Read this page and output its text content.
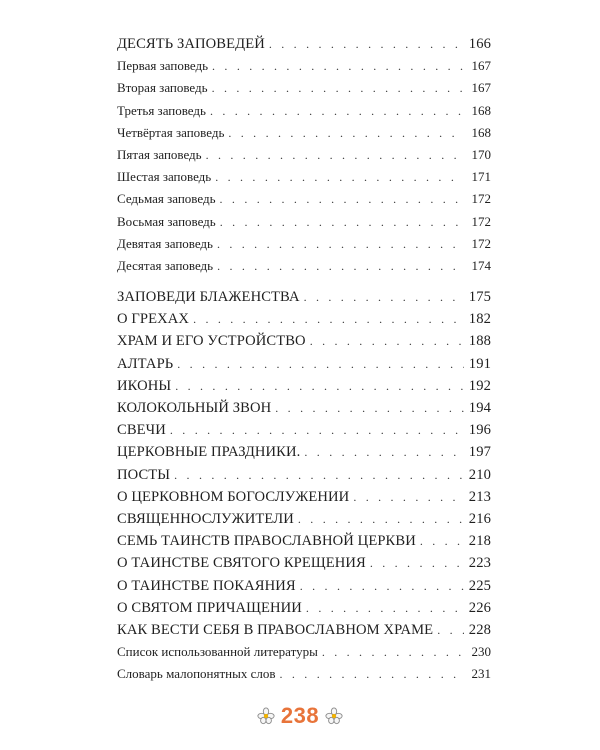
ДЕСЯТЬ ЗАПОВЕДЕЙ . . .	166
Первая заповедь . . .	167
Вторая заповедь . . .	167
Третья заповедь . . .	168
Четвёртая заповедь . . .	168
Пятая заповедь . . .	170
Шестая заповедь . . .	171
Седьмая заповедь . . .	172
Восьмая заповедь . . .	172
Девятая заповедь . . .	172
Десятая заповедь . . .	174
ЗАПОВЕДИ БЛАЖЕНСТВА . . .	175
О ГРЕХАХ . . .	182
ХРАМ И ЕГО УСТРОЙСТВО . . .	188
АЛТАРЬ . . .	191
ИКОНЫ . . .	192
КОЛОКОЛЬНЫЙ ЗВОН . . .	194
СВЕЧИ . . .	196
ЦЕРКОВНЫЕ ПРАЗДНИКИ. . . .	197
ПОСТЫ . . .	210
О ЦЕРКОВНОМ БОГОСЛУЖЕНИИ . . .	213
СВЯЩЕННОСЛУЖИТЕЛИ . . .	216
СЕМЬ ТАИНСТВ ПРАВОСЛАВНОЙ ЦЕРКВИ . . .	218
О ТАИНСТВЕ СВЯТОГО КРЕЩЕНИЯ . . .	223
О ТАИНСТВЕ ПОКАЯНИЯ . . .	225
О СВЯТОМ ПРИЧАЩЕНИИ . . .	226
КАК ВЕСТИ СЕБЯ В ПРАВОСЛАВНОМ ХРАМЕ . . . 228
Список использованной литературы . . .	230
Словарь малопонятных слов . . .	231
238
